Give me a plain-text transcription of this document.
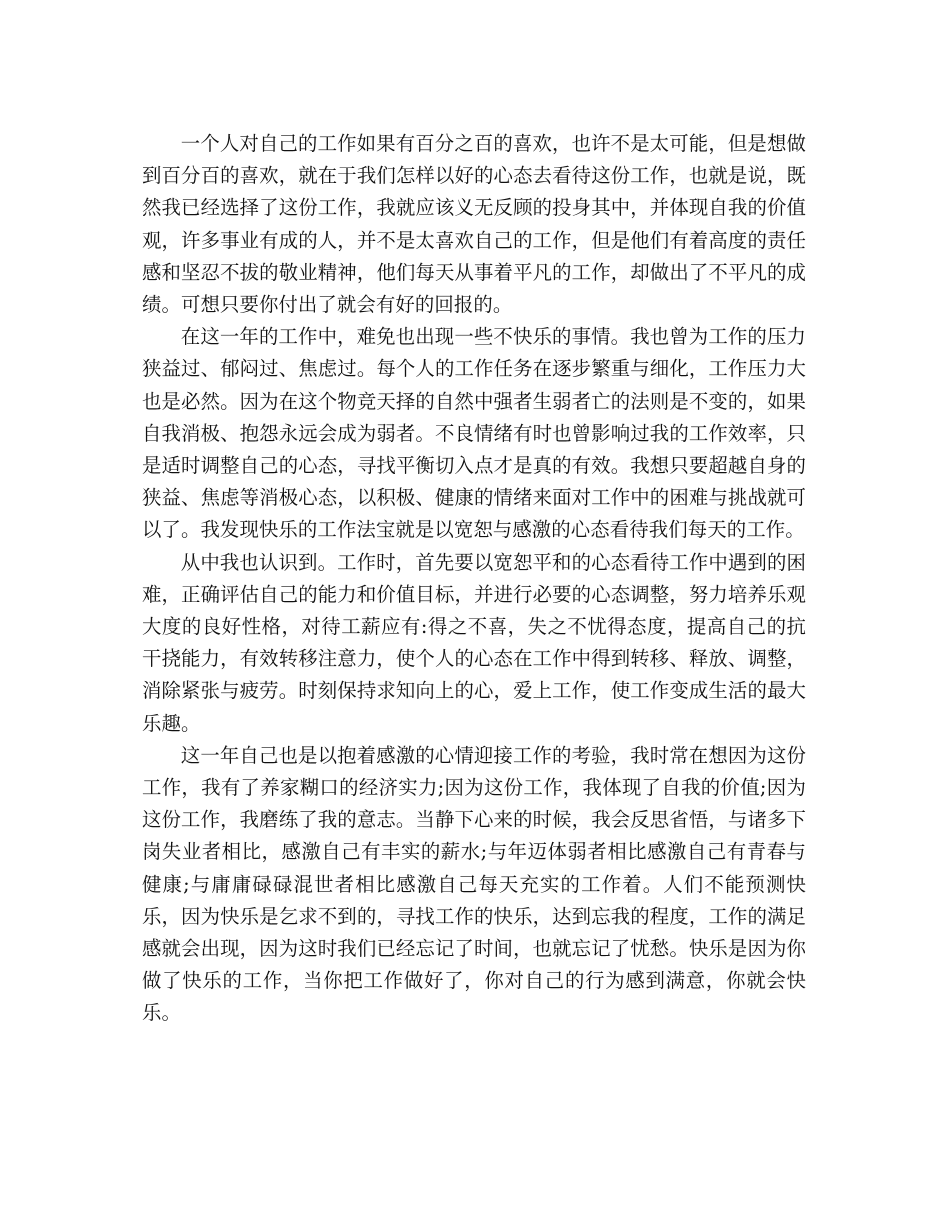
一个人对自己的工作如果有百分之百的喜欢，也许不是太可能，但是想做到百分百的喜欢，就在于我们怎样以好的心态去看待这份工作，也就是说，既然我已经选择了这份工作，我就应该义无反顾的投身其中，并体现自我的价值观，许多事业有成的人，并不是太喜欢自己的工作，但是他们有着高度的责任感和坚忍不拔的敬业精神，他们每天从事着平凡的工作，却做出了不平凡的成绩。可想只要你付出了就会有好的回报的。

在这一年的工作中，难免也出现一些不快乐的事情。我也曾为工作的压力狭益过、郁闷过、焦虑过。每个人的工作任务在逐步繁重与细化，工作压力大也是必然。因为在这个物竞天择的自然中强者生弱者亡的法则是不变的，如果自我消极、抱怨永远会成为弱者。不良情绪有时也曾影响过我的工作效率，只是适时调整自己的心态，寻找平衡切入点才是真的有效。我想只要超越自身的狭益、焦虑等消极心态，以积极、健康的情绪来面对工作中的困难与挑战就可以了。我发现快乐的工作法宝就是以宽恕与感激的心态看待我们每天的工作。

从中我也认识到。工作时，首先要以宽恕平和的心态看待工作中遇到的困难，正确评估自己的能力和价值目标，并进行必要的心态调整，努力培养乐观大度的良好性格，对待工薪应有:得之不喜，失之不忧得态度，提高自己的抗干挠能力，有效转移注意力，使个人的心态在工作中得到转移、释放、调整，消除紧张与疲劳。时刻保持求知向上的心，爱上工作，使工作变成生活的最大乐趣。

这一年自己也是以抱着感激的心情迎接工作的考验，我时常在想因为这份工作，我有了养家糊口的经济实力;因为这份工作，我体现了自我的价值;因为这份工作，我磨练了我的意志。当静下心来的时候，我会反思省悟，与诸多下岗失业者相比，感激自己有丰实的薪水;与年迈体弱者相比感激自己有青春与健康;与庸庸碌碌混世者相比感激自己每天充实的工作着。人们不能预测快乐，因为快乐是乞求不到的，寻找工作的快乐，达到忘我的程度，工作的满足感就会出现，因为这时我们已经忘记了时间，也就忘记了忧愁。快乐是因为你做了快乐的工作，当你把工作做好了，你对自己的行为感到满意，你就会快乐。
